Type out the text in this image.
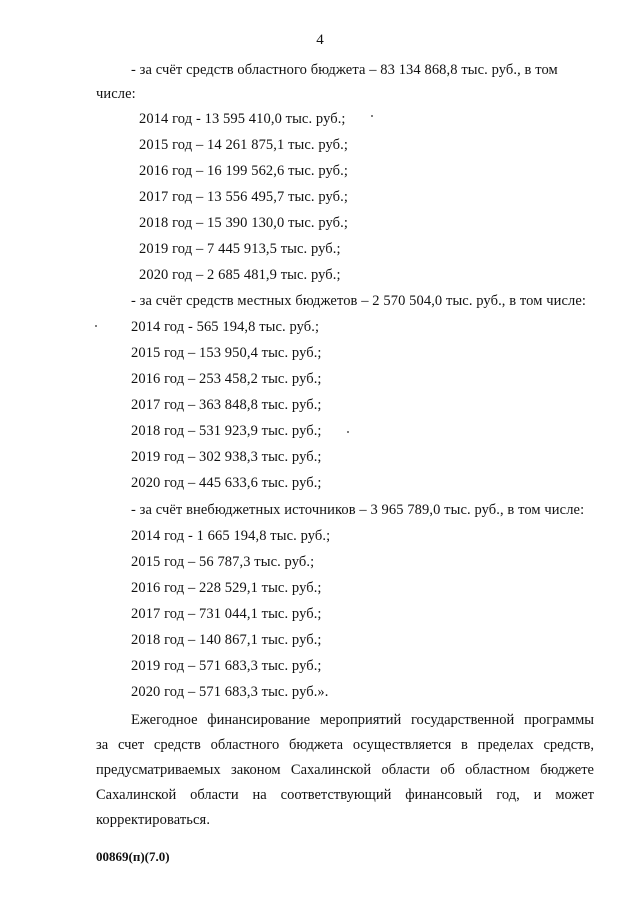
4
- за счёт средств областного бюджета – 83 134 868,8 тыс. руб., в том
числе:
2014 год - 13 595 410,0 тыс. руб.;
2015 год – 14 261 875,1 тыс. руб.;
2016 год – 16 199 562,6 тыс. руб.;
2017 год – 13 556 495,7 тыс. руб.;
2018 год – 15 390 130,0 тыс. руб.;
2019 год – 7 445 913,5 тыс. руб.;
2020 год – 2 685 481,9 тыс. руб.;
- за счёт средств местных бюджетов – 2 570 504,0 тыс. руб., в том числе:
2014 год - 565 194,8 тыс. руб.;
2015 год – 153 950,4 тыс. руб.;
2016 год – 253 458,2 тыс. руб.;
2017 год – 363 848,8 тыс. руб.;
2018 год – 531 923,9 тыс. руб.;
2019 год – 302 938,3 тыс. руб.;
2020 год – 445 633,6 тыс. руб.;
- за счёт внебюджетных источников – 3 965 789,0 тыс. руб., в том числе:
2014 год - 1 665 194,8 тыс. руб.;
2015 год – 56 787,3 тыс. руб.;
2016 год – 228 529,1 тыс. руб.;
2017 год – 731 044,1 тыс. руб.;
2018 год – 140 867,1 тыс. руб.;
2019 год – 571 683,3 тыс. руб.;
2020 год – 571 683,3 тыс. руб.».
Ежегодное финансирование мероприятий государственной программы
за счет средств областного бюджета осуществляется в пределах средств,
предусматриваемых законом Сахалинской области об областном бюджете
Сахалинской области на соответствующий финансовый год, и может
корректироваться.
00869(п)(7.0)
